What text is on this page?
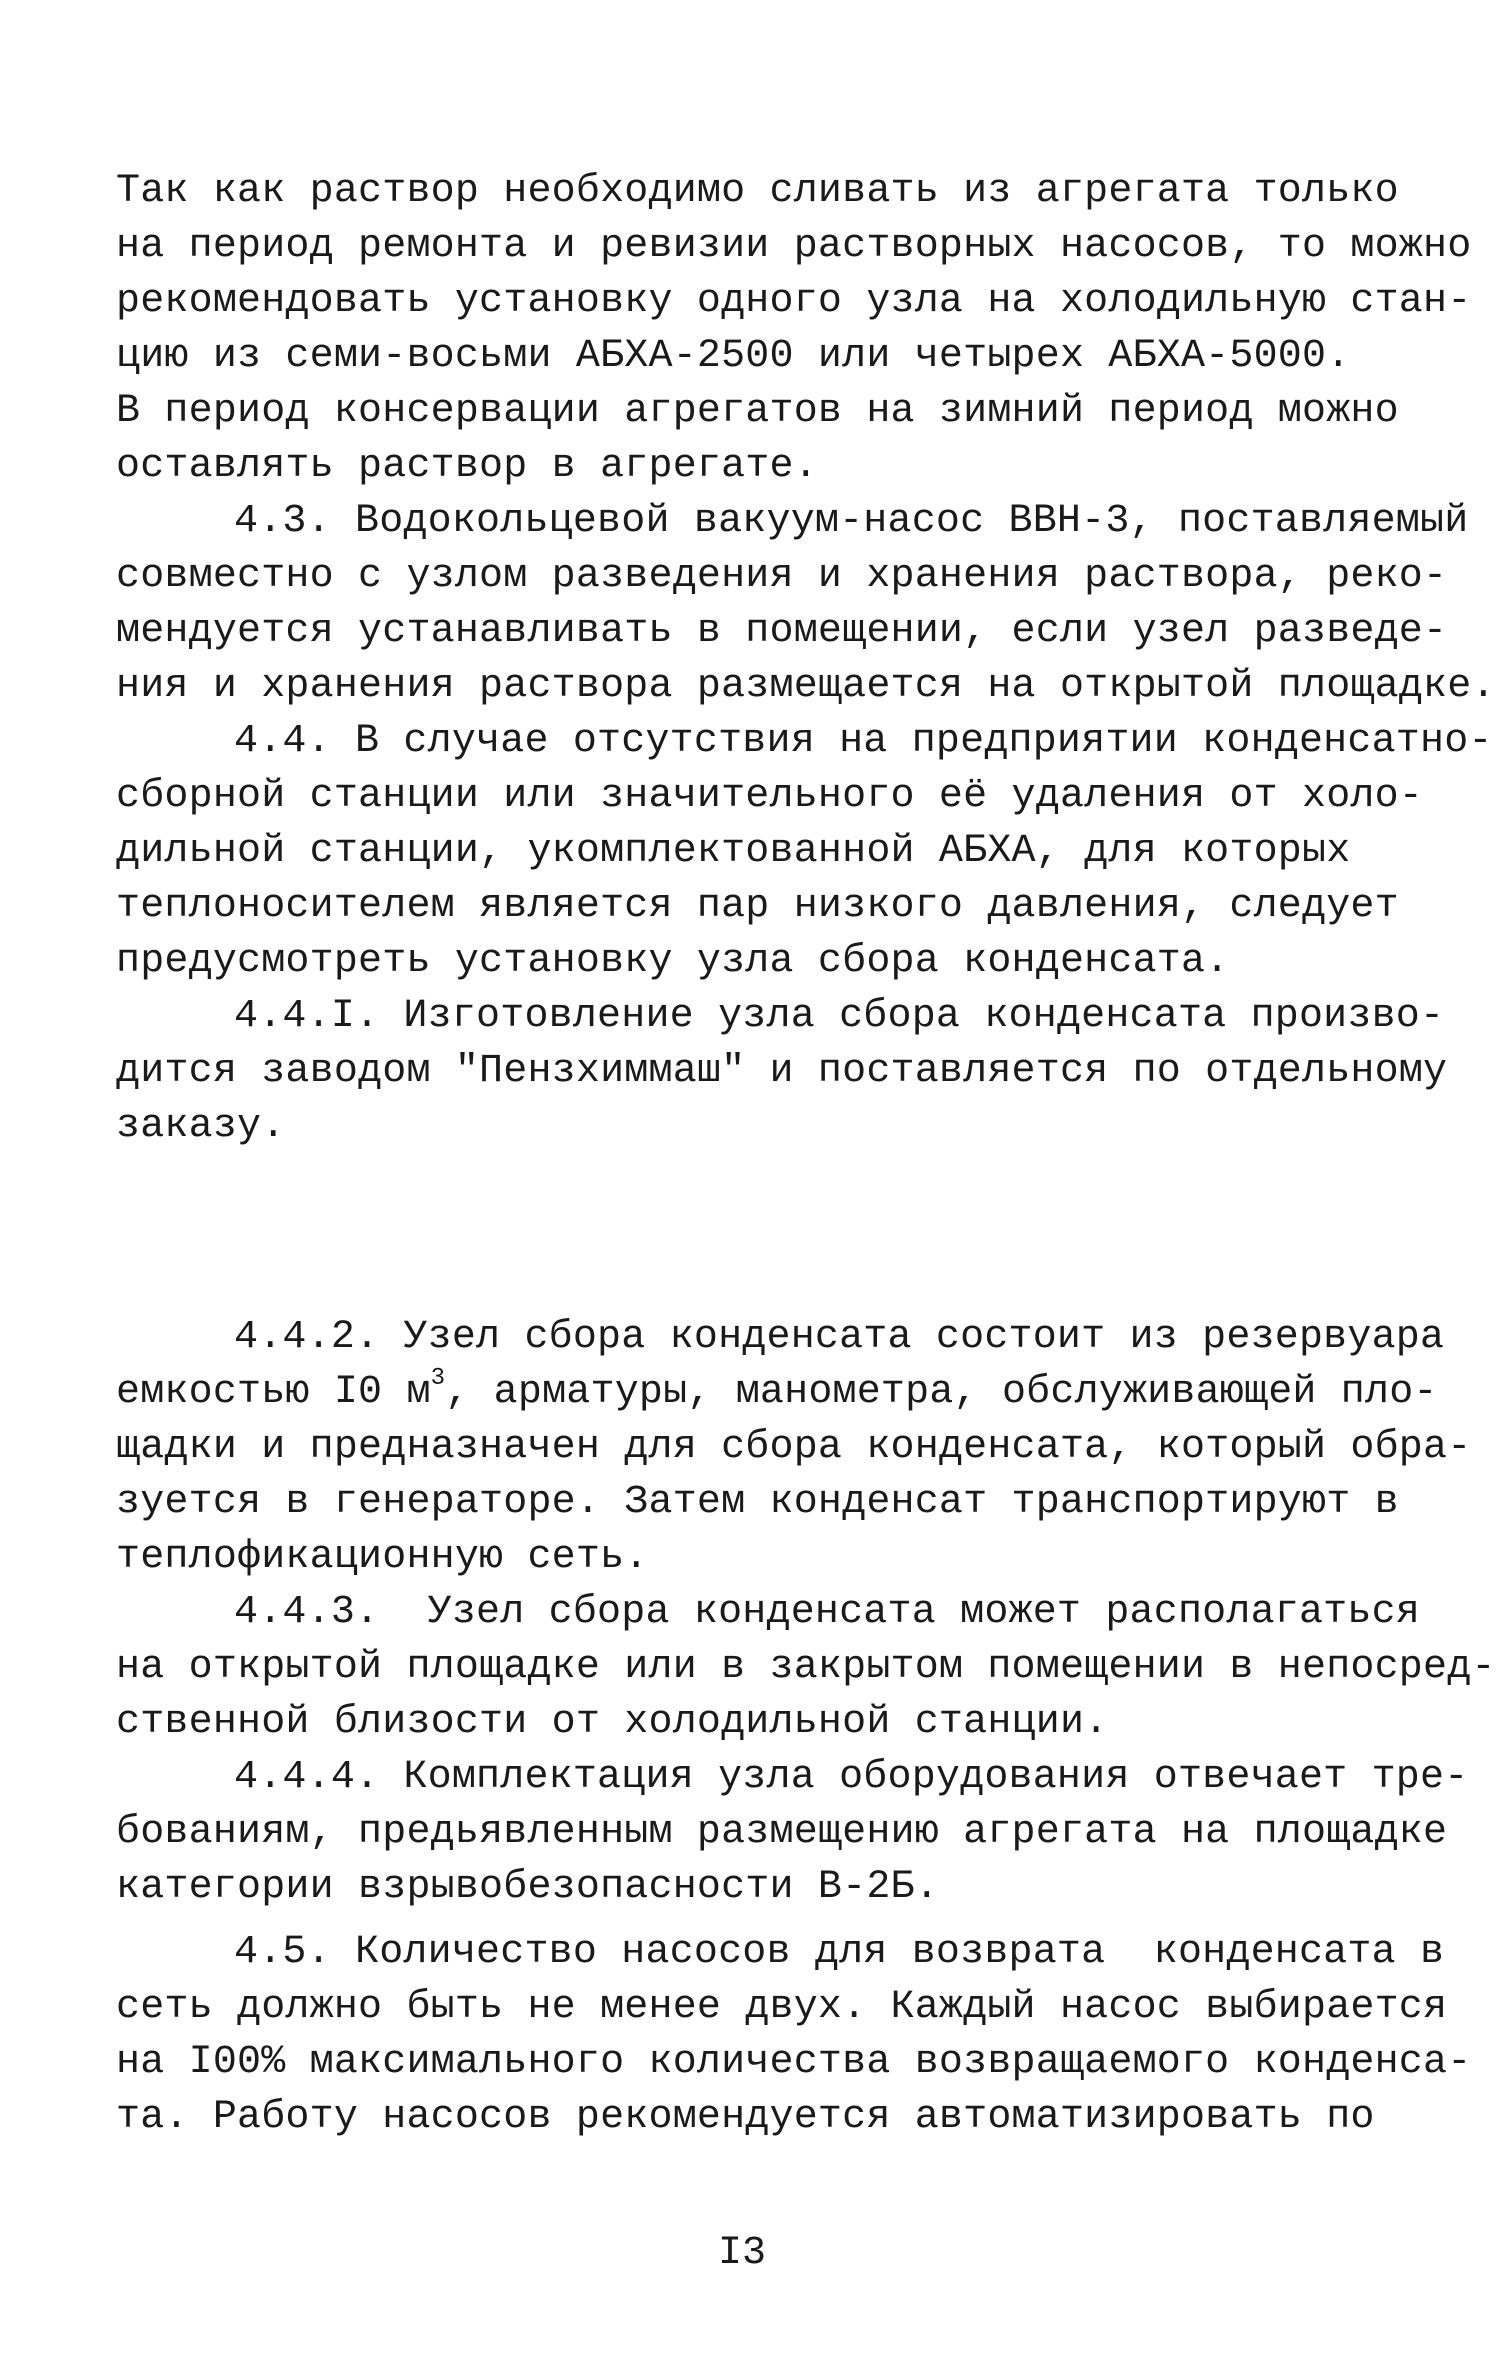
Так как раствор необходимо сливать из агрегата только
на период ремонта и ревизии растворных насосов, то можно
рекомендовать установку одного узла на холодильную стан-
цию из семи-восьми АБХА-2500 или четырех АБХА-5000.
В период консервации агрегатов на зимний период можно
оставлять раствор в агрегате.
4.3. Водокольцевой вакуум-насос ВВН-3, поставляемый
совместно с узлом разведения и хранения раствора, реко-
мендуется устанавливать в помещении, если узел разведе-
ния и хранения раствора размещается на открытой площадке.
4.4. В случае отсутствия на предприятии конденсатно-
сборной станции или значительного её удаления от холо-
дильной станции, укомплектованной АБХА, для которых
теплоносителем является пар низкого давления, следует
предусмотреть установку узла сбора конденсата.
4.4.I. Изготовление узла сбора конденсата произво-
дится заводом "Пензхиммаш" и поставляется по отдельному
заказу.
4.4.2. Узел сбора конденсата состоит из резервуара
емкостью I0 $м^3$, арматуры, манометра, обслуживающей пло-
щадки и предназначен для сбора конденсата, который обра-
зуется в генераторе. Затем конденсат транспортируют в
теплофикационную сеть.
4.4.3.  Узел сбора конденсата может располагаться
на открытой площадке или в закрытом помещении в непосред-
ственной близости от холодильной станции.
4.4.4. Комплектация узла оборудования отвечает тре-
бованиям, предьявленным размещению агрегата на площадке
категории взрывобезопасности В-2Б.
4.5. Количество насосов для возврата  конденсата в
сеть должно быть не менее двух. Каждый насос выбирается
на I00% максимального количества возвращаемого конденса-
та. Работу насосов рекомендуется автоматизировать по
I3
